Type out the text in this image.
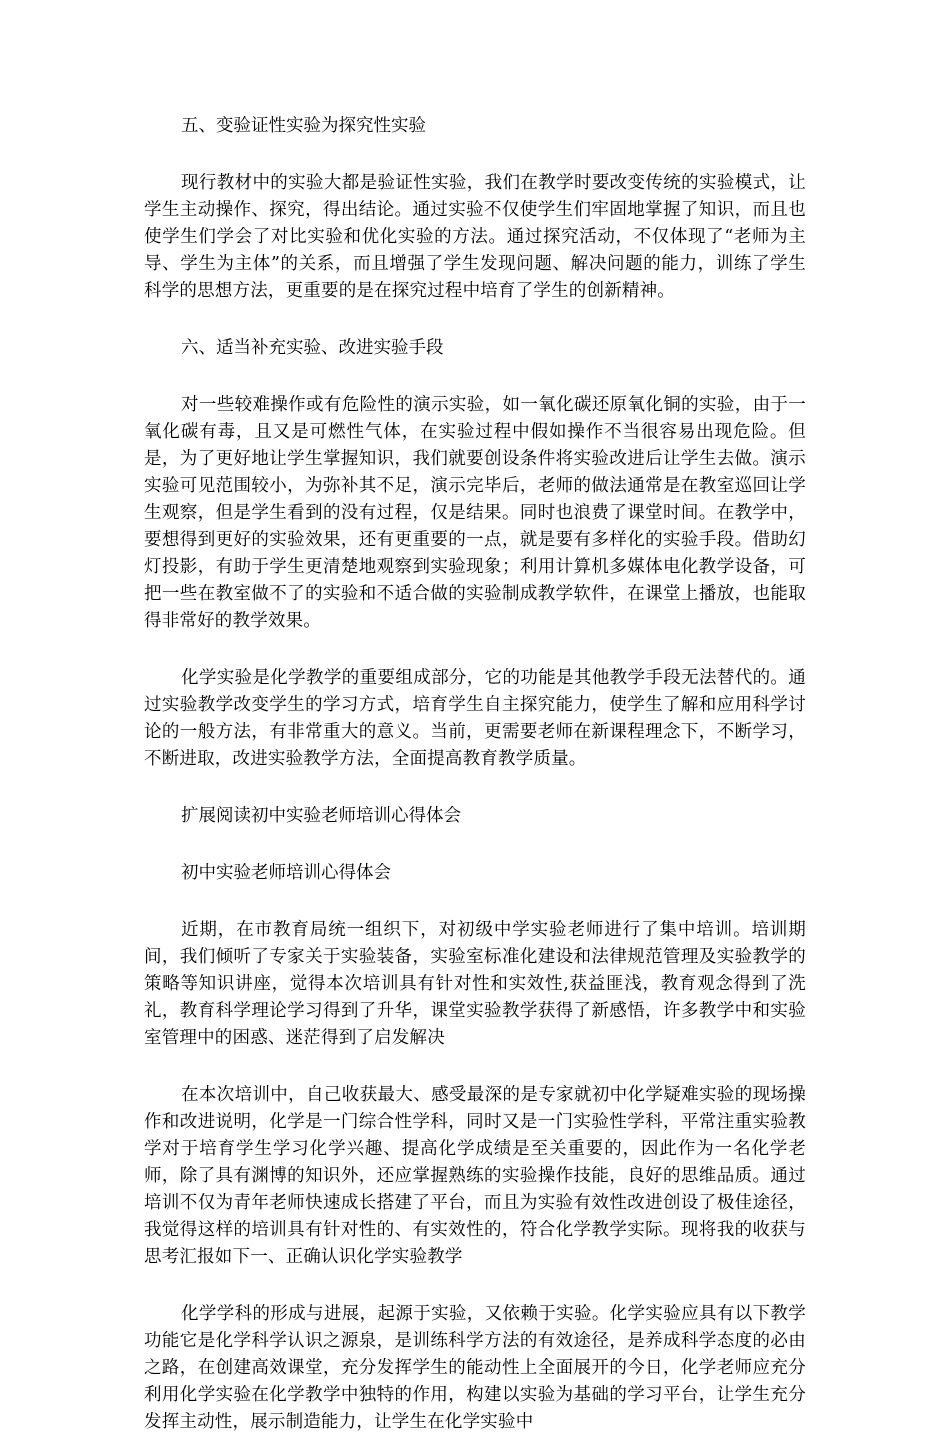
五、变验证性实验为探究性实验
现行教材中的实验大都是验证性实验，我们在教学时要改变传统的实验模式，让学生主动操作、探究，得出结论。通过实验不仅使学生们牢固地掌握了知识，而且也使学生们学会了对比实验和优化实验的方法。通过探究活动，不仅体现了“老师为主导、学生为主体”的关系，而且增强了学生发现问题、解决问题的能力，训练了学生科学的思想方法，更重要的是在探究过程中培育了学生的创新精神。
六、适当补充实验、改进实验手段
对一些较难操作或有危险性的演示实验，如一氧化碳还原氧化铜的实验，由于一氧化碳有毒，且又是可燃性气体，在实验过程中假如操作不当很容易出现危险。但是，为了更好地让学生掌握知识，我们就要创设条件将实验改进后让学生去做。演示实验可见范围较小，为弥补其不足，演示完毕后，老师的做法通常是在教室巡回让学生观察，但是学生看到的没有过程，仅是结果。同时也浪费了课堂时间。在教学中，要想得到更好的实验效果，还有更重要的一点，就是要有多样化的实验手段。借助幻灯投影，有助于学生更清楚地观察到实验现象；利用计算机多媒体电化教学设备，可把一些在教室做不了的实验和不适合做的实验制成教学软件，在课堂上播放，也能取得非常好的教学效果。
化学实验是化学教学的重要组成部分，它的功能是其他教学手段无法替代的。通过实验教学改变学生的学习方式，培育学生自主探究能力，使学生了解和应用科学讨论的一般方法，有非常重大的意义。当前，更需要老师在新课程理念下，不断学习，不断进取，改进实验教学方法，全面提高教育教学质量。
扩展阅读初中实验老师培训心得体会
初中实验老师培训心得体会
近期，在市教育局统一组织下，对初级中学实验老师进行了集中培训。培训期间，我们倾听了专家关于实验装备，实验室标准化建设和法律规范管理及实验教学的策略等知识讲座，觉得本次培训具有针对性和实效性,获益匪浅，教育观念得到了洗礼，教育科学理论学习得到了升华，课堂实验教学获得了新感悟，许多教学中和实验室管理中的困惑、迷茫得到了启发解决
在本次培训中，自己收获最大、感受最深的是专家就初中化学疑难实验的现场操作和改进说明，化学是一门综合性学科，同时又是一门实验性学科，平常注重实验教学对于培育学生学习化学兴趣、提高化学成绩是至关重要的，因此作为一名化学老师，除了具有渊博的知识外，还应掌握熟练的实验操作技能，良好的思维品质。通过培训不仅为青年老师快速成长搭建了平台，而且为实验有效性改进创设了极佳途径，我觉得这样的培训具有针对性的、有实效性的，符合化学教学实际。现将我的收获与思考汇报如下一、正确认识化学实验教学
化学学科的形成与进展，起源于实验，又依赖于实验。化学实验应具有以下教学功能它是化学科学认识之源泉，是训练科学方法的有效途径，是养成科学态度的必由之路，在创建高效课堂，充分发挥学生的能动性上全面展开的今日，化学老师应充分利用化学实验在化学教学中独特的作用，构建以实验为基础的学习平台，让学生充分发挥主动性，展示制造能力，让学生在化学实验中
